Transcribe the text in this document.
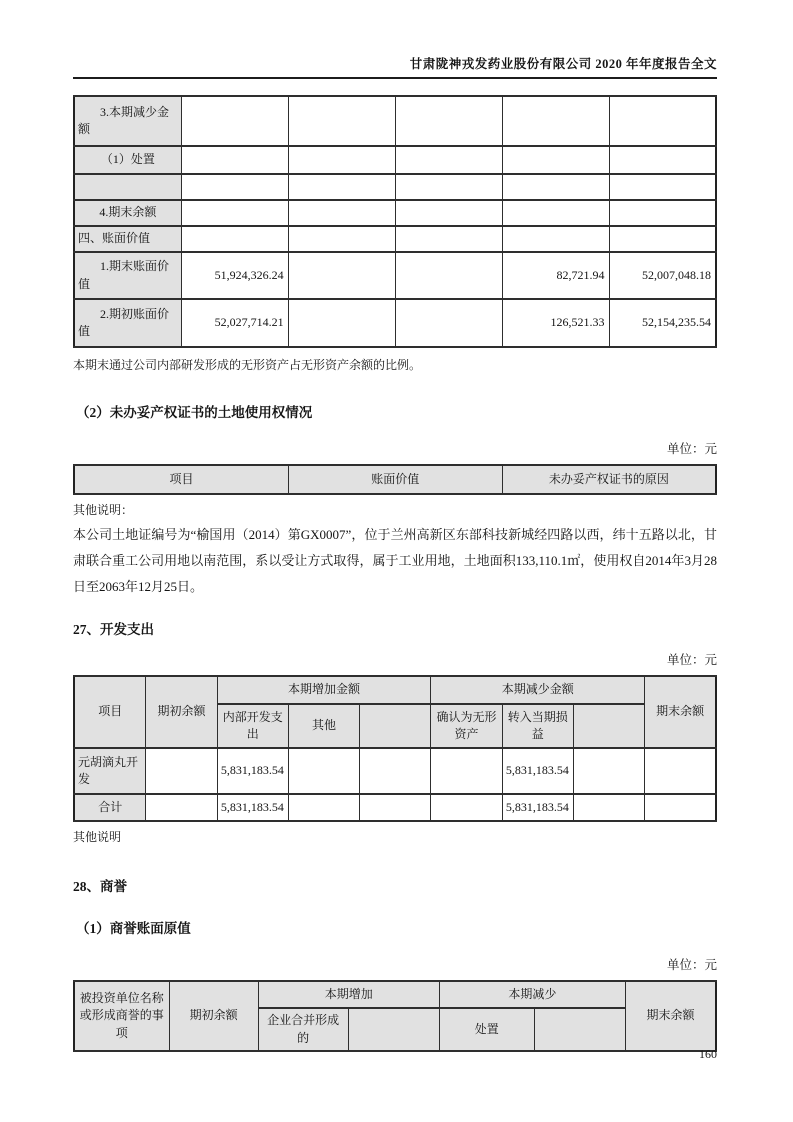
甘肃陇神戎发药业股份有限公司 2020 年年度报告全文
3.本期减少金额					
（1）处置					

4.期末余额					
四、账面价值					
1.期末账面价值	51,924,326.24			82,721.94	52,007,048.18
2.期初账面价值	52,027,714.21			126,521.33	52,154,235.54
本期末通过公司内部研发形成的无形资产占无形资产余额的比例。
（2）未办妥产权证书的土地使用权情况
单位：元
项目	账面价值	未办妥产权证书的原因
其他说明：
本公司土地证编号为“榆国用（2014）第GX0007”，位于兰州高新区东部科技新城经四路以西，纬十五路以北，甘肃联合重工公司用地以南范围，系以受让方式取得，属于工业用地，土地面积133,110.1㎡，使用权自2014年3月28日至2063年12月25日。
27、开发支出
单位：元
项目	期初余额	本期增加金额			本期减少金额			期末余额
		内部开发支出	其他		确认为无形资产	转入当期损益		
元胡滴丸开发		5,831,183.54				5,831,183.54		
合计		5,831,183.54				5,831,183.54		
其他说明
28、商誉
（1）商誉账面原值
单位：元
被投资单位名称或形成商誉的事项	期初余额	本期增加		本期减少		期末余额
		企业合并形成的		处置		
160
